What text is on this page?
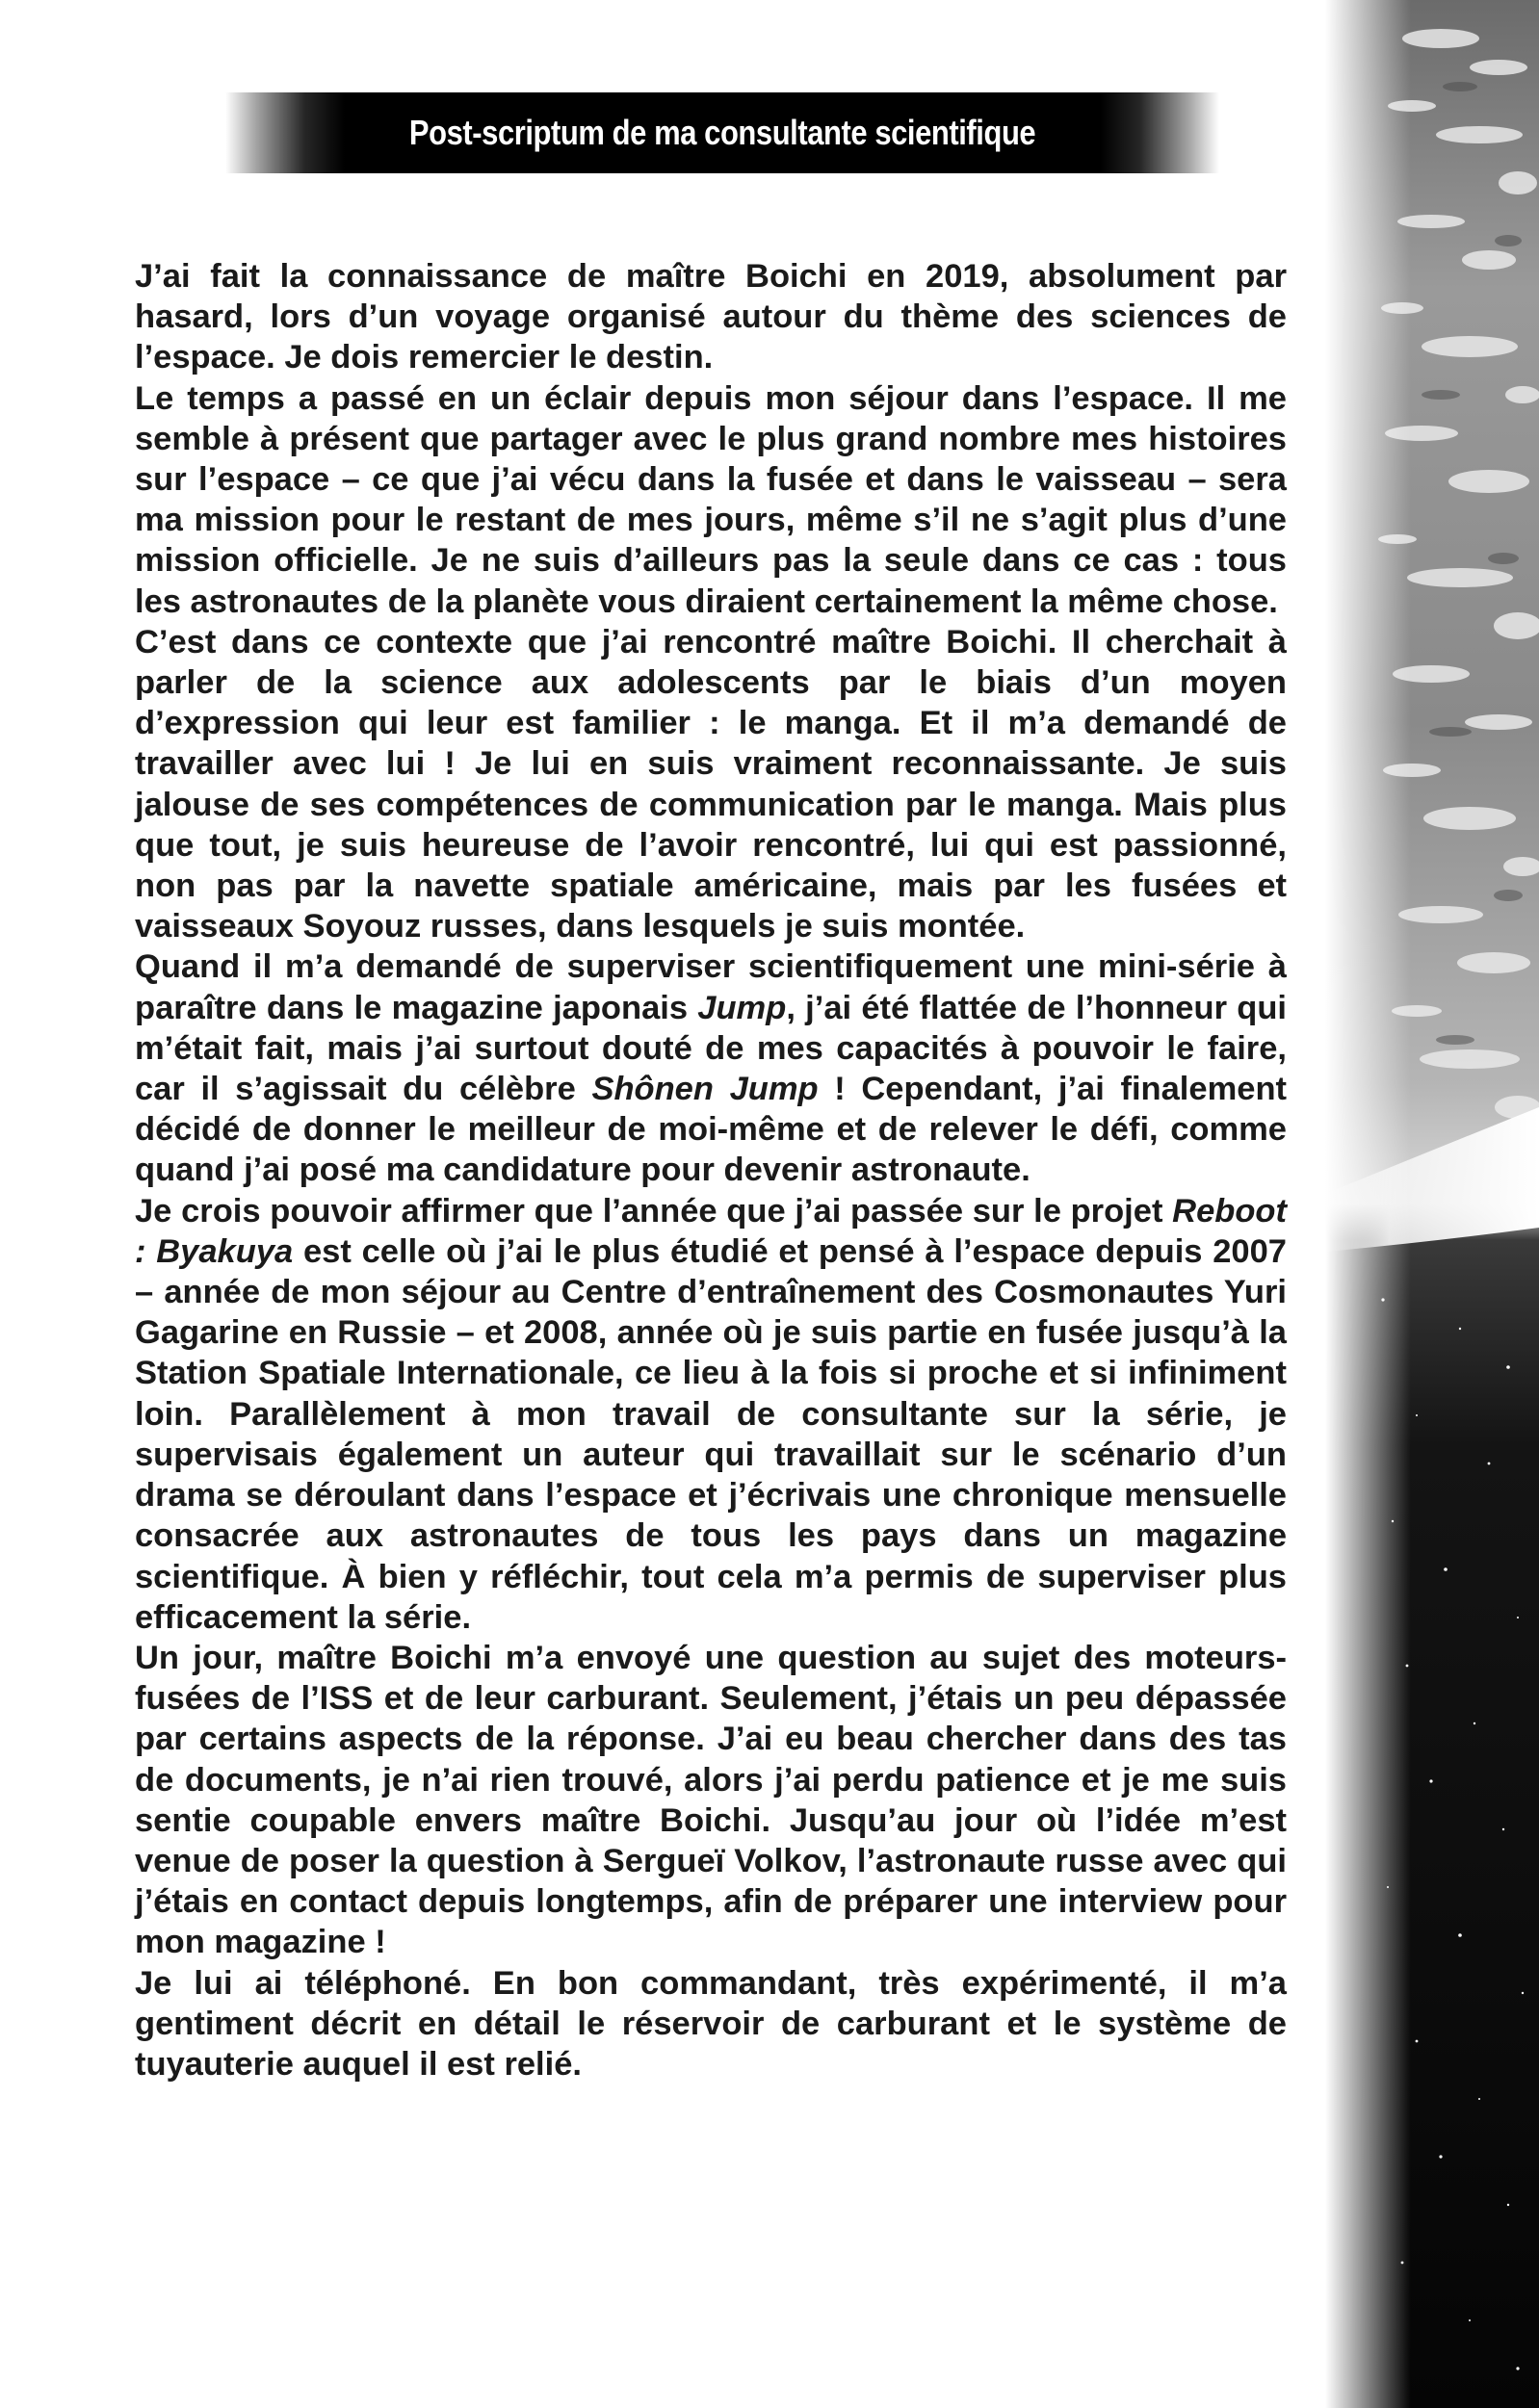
Post-scriptum de ma consultante scientifique

J’ai fait la connaissance de maître Boichi en 2019, absolument par hasard, lors d’un voyage organisé autour du thème des sciences de l’espace. Je dois remercier le destin.

Le temps a passé en un éclair depuis mon séjour dans l’espace. Il me semble à présent que partager avec le plus grand nombre mes histoires sur l’espace – ce que j’ai vécu dans la fusée et dans le vaisseau – sera ma mission pour le restant de mes jours, même s’il ne s’agit plus d’une mission officielle. Je ne suis d’ailleurs pas la seule dans ce cas : tous les astronautes de la planète vous diraient certainement la même chose.

C’est dans ce contexte que j’ai rencontré maître Boichi. Il cherchait à parler de la science aux adolescents par le biais d’un moyen d’expression qui leur est familier : le manga. Et il m’a demandé de travailler avec lui ! Je lui en suis vraiment reconnaissante. Je suis jalouse de ses compétences de communication par le manga. Mais plus que tout, je suis heureuse de l’avoir rencontré, lui qui est passionné, non pas par la navette spatiale américaine, mais par les fusées et vaisseaux Soyouz russes, dans lesquels je suis montée.

Quand il m’a demandé de superviser scientifiquement une mini-série à paraître dans le magazine japonais Jump, j’ai été flattée de l’honneur qui m’était fait, mais j’ai surtout douté de mes capacités à pouvoir le faire, car il s’agissait du célèbre Shônen Jump ! Cependant, j’ai finalement décidé de donner le meilleur de moi-même et de relever le défi, comme quand j’ai posé ma candidature pour devenir astronaute.

Je crois pouvoir affirmer que l’année que j’ai passée sur le projet Reboot : Byakuya est celle où j’ai le plus étudié et pensé à l’espace depuis 2007 – année de mon séjour au Centre d’entraînement des Cosmonautes Yuri Gagarine en Russie – et 2008, année où je suis partie en fusée jusqu’à la Station Spatiale Internationale, ce lieu à la fois si proche et si infiniment loin. Parallèlement à mon travail de consultante sur la série, je supervisais également un auteur qui travaillait sur le scénario d’un drama se déroulant dans l’espace et j’écrivais une chronique mensuelle consacrée aux astronautes de tous les pays dans un magazine scientifique. À bien y réfléchir, tout cela m’a permis de superviser plus efficacement la série.

Un jour, maître Boichi m’a envoyé une question au sujet des moteurs-fusées de l’ISS et de leur carburant. Seulement, j’étais un peu dépassée par certains aspects de la réponse. J’ai eu beau chercher dans des tas de documents, je n’ai rien trouvé, alors j’ai perdu patience et je me suis sentie coupable envers maître Boichi. Jusqu’au jour où l’idée m’est venue de poser la question à Sergueï Volkov, l’astronaute russe avec qui j’étais en contact depuis longtemps, afin de préparer une interview pour mon magazine !

Je lui ai téléphoné. En bon commandant, très expérimenté, il m’a gentiment décrit en détail le réservoir de carburant et le système de tuyauterie auquel il est relié.
